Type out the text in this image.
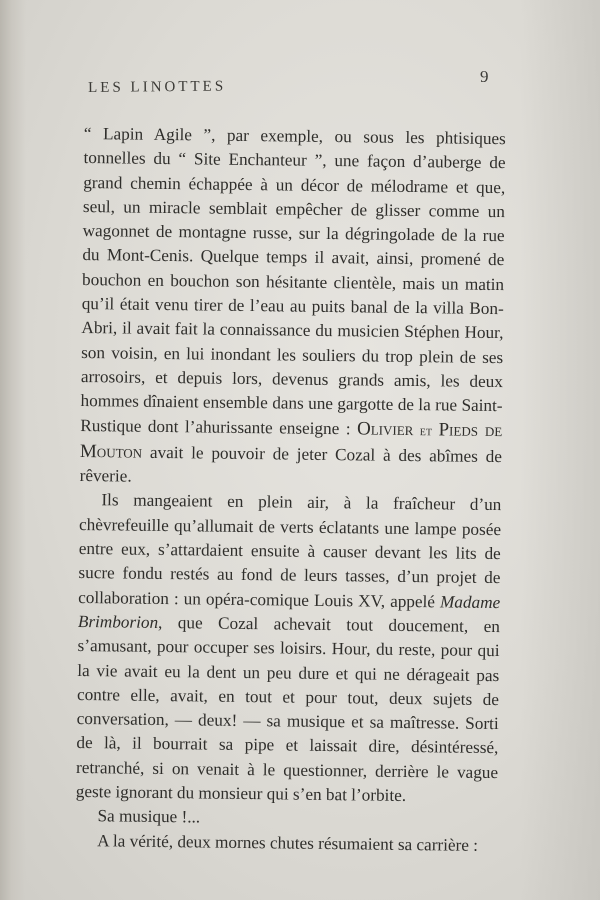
LES LINOTTES
9

“ Lapin Agile ”, par exemple, ou sous les phtisiques tonnelles du “ Site Enchanteur ”, une façon d’auberge de grand chemin échappée à un décor de mélodrame et que, seul, un miracle semblait empêcher de glisser comme un wagonnet de montagne russe, sur la dégringolade de la rue du Mont-Cenis. Quelque temps il avait, ainsi, promené de bouchon en bouchon son hésitante clientèle, mais un matin qu’il était venu tirer de l’eau au puits banal de la villa Bon-Abri, il avait fait la connaissance du musicien Stéphen Hour, son voisin, en lui inondant les souliers du trop plein de ses arrosoirs, et depuis lors, devenus grands amis, les deux hommes dînaient ensemble dans une gargotte de la rue Saint-Rustique dont l’ahurissante enseigne : Olivier et Pieds de Mouton avait le pouvoir de jeter Cozal à des abîmes de rêverie.

Ils mangeaient en plein air, à la fraîcheur d’un chèvrefeuille qu’allumait de verts éclatants une lampe posée entre eux, s’attardaient ensuite à causer devant les lits de sucre fondu restés au fond de leurs tasses, d’un projet de collaboration : un opéra-comique Louis XV, appelé Madame Brimborion, que Cozal achevait tout doucement, en s’amusant, pour occuper ses loisirs. Hour, du reste, pour qui la vie avait eu la dent un peu dure et qui ne déragеait pas contre elle, avait, en tout et pour tout, deux sujets de conversation, — deux! — sa musique et sa maîtresse. Sorti de là, il bourrait sa pipe et laissait dire, désintéressé, retranché, si on venait à le questionner, derrière le vague geste ignorant du monsieur qui s’en bat l’orbite.

Sa musique !...

A la vérité, deux mornes chutes résumaient sa carrière :
